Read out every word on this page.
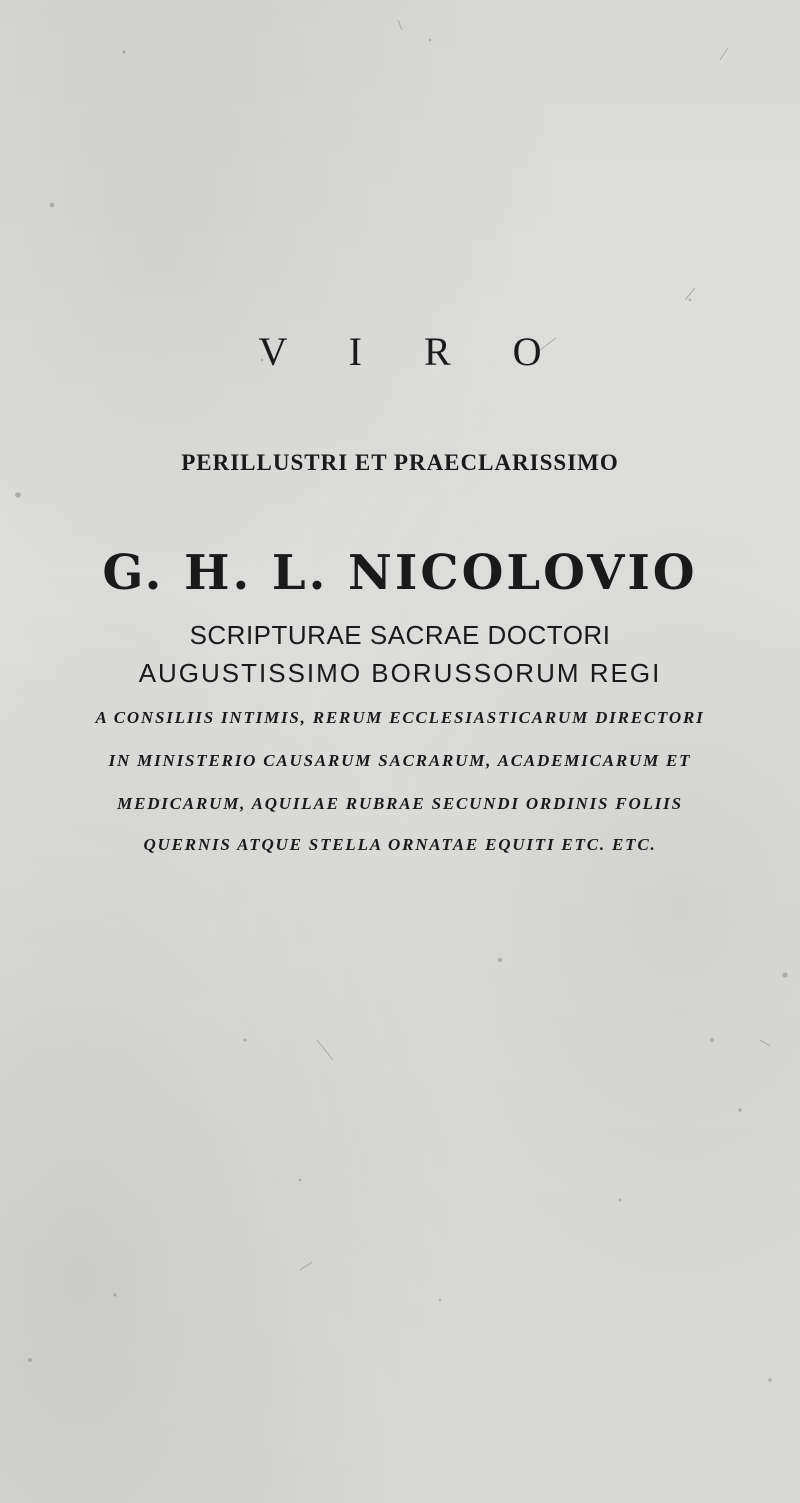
V I R O
PERILLUSTRI ET PRAECLARISSIMO
G. H. L. NICOLOVIO
SCRIPTURAE SACRAE DOCTORI
AUGUSTISSIMO BORUSSORUM REGI
A CONSILIIS INTIMIS, RERUM ECCLESIASTICARUM DIRECTORI
IN MINISTERIO CAUSARUM SACRARUM, ACADEMICARUM ET
MEDICARUM, AQUILAE RUBRAE SECUNDI ORDINIS FOLIIS
QUERNIS ATQUE STELLA ORNATAE EQUITI ETC. ETC.
